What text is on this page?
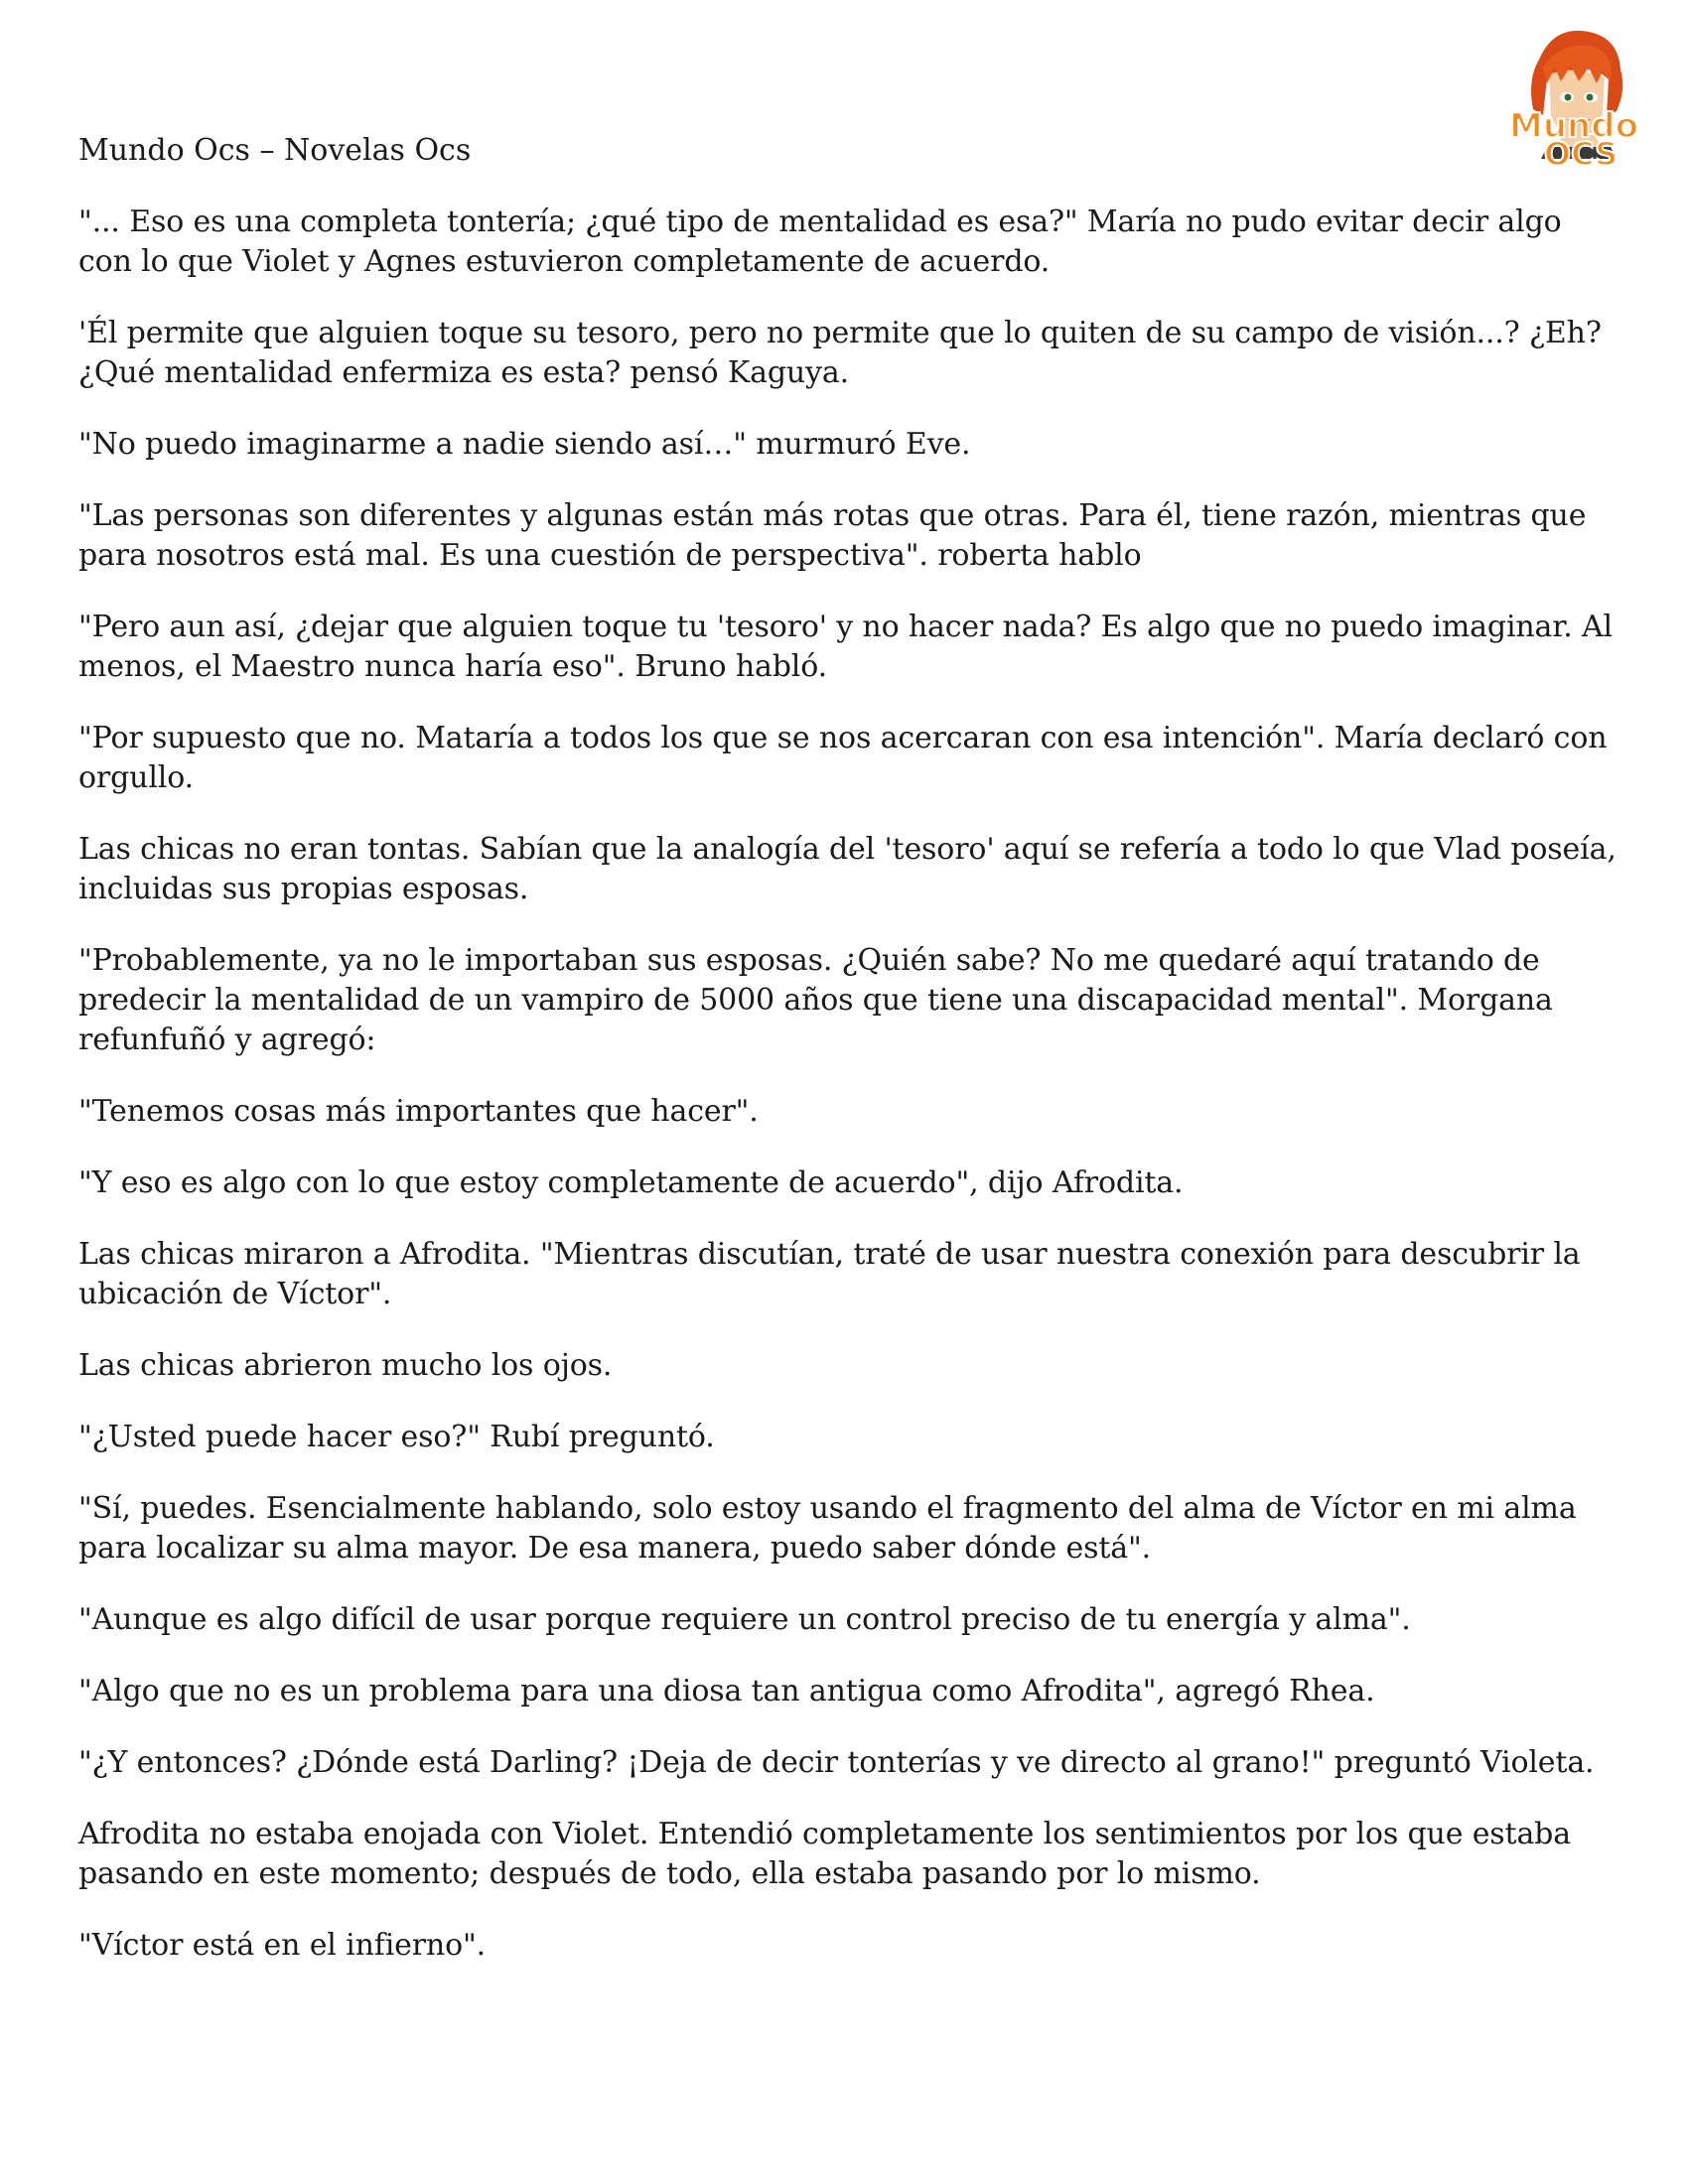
Mundo
OCS
Mundo Ocs – Novelas Ocs

"... Eso es una completa tontería; ¿qué tipo de mentalidad es esa?" María no pudo evitar decir algo con lo que Violet y Agnes estuvieron completamente de acuerdo.

'Él permite que alguien toque su tesoro, pero no permite que lo quiten de su campo de visión...? ¿Eh? ¿Qué mentalidad enfermiza es esta? pensó Kaguya.

"No puedo imaginarme a nadie siendo así…" murmuró Eve.

"Las personas son diferentes y algunas están más rotas que otras. Para él, tiene razón, mientras que para nosotros está mal. Es una cuestión de perspectiva". roberta hablo

"Pero aun así, ¿dejar que alguien toque tu 'tesoro' y no hacer nada? Es algo que no puedo imaginar. Al menos, el Maestro nunca haría eso". Bruno habló.

"Por supuesto que no. Mataría a todos los que se nos acercaran con esa intención". María declaró con orgullo.

Las chicas no eran tontas. Sabían que la analogía del 'tesoro' aquí se refería a todo lo que Vlad poseía, incluidas sus propias esposas.

"Probablemente, ya no le importaban sus esposas. ¿Quién sabe? No me quedaré aquí tratando de predecir la mentalidad de un vampiro de 5000 años que tiene una discapacidad mental". Morgana refunfuñó y agregó:

"Tenemos cosas más importantes que hacer".

"Y eso es algo con lo que estoy completamente de acuerdo", dijo Afrodita.

Las chicas miraron a Afrodita. "Mientras discutían, traté de usar nuestra conexión para descubrir la ubicación de Víctor".

Las chicas abrieron mucho los ojos.

"¿Usted puede hacer eso?" Rubí preguntó.

"Sí, puedes. Esencialmente hablando, solo estoy usando el fragmento del alma de Víctor en mi alma para localizar su alma mayor. De esa manera, puedo saber dónde está".

"Aunque es algo difícil de usar porque requiere un control preciso de tu energía y alma".

"Algo que no es un problema para una diosa tan antigua como Afrodita", agregó Rhea.

"¿Y entonces? ¿Dónde está Darling? ¡Deja de decir tonterías y ve directo al grano!" preguntó Violeta.

Afrodita no estaba enojada con Violet. Entendió completamente los sentimientos por los que estaba pasando en este momento; después de todo, ella estaba pasando por lo mismo.

"Víctor está en el infierno".
